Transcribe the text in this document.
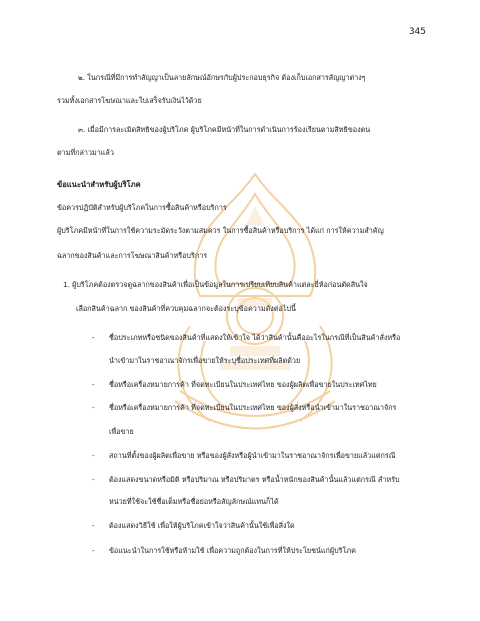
345
๒. ในกรณีที่มีการทำสัญญาเป็นลายลักษณ์อักษรกับผู้ประกอบธุรกิจ ต้องเก็บเอกสารสัญญาต่างๆ
รวมทั้งเอกสารโฆษณาและใบเสร็จรับเงินไว้ด้วย
๓. เมื่อมีการละเมิดสิทธิของผู้บริโภค ผู้บริโภคมีหน้าที่ในการดำเนินการร้องเรียนตามสิทธิของตน
ตามที่กล่าวมาแล้ว
ข้อแนะนำสำหรับผู้บริโภค
ข้อควรปฏิบัติสำหรับผู้บริโภคในการซื้อสินค้าหรือบริการ
ผู้บริโภคมีหน้าที่ในการใช้ความระมัดระวังตามสมควร ในการซื้อสินค้าหรือบริการ ได้แก่ การให้ความสำคัญ
ฉลากของสินค้าและการโฆษณาสินค้าหรือบริการ
1. ผู้บริโภคต้องตรวจดูฉลากของสินค้าเพื่อเป็นข้อมูลในการเปรียบเทียบสินค้าแต่ละยี่ห้อก่อนตัดสินใจ
เลือกสินค้าฉลาก ของสินค้าที่ควบคุมฉลากจะต้องระบุข้อความดังต่อไปนี้
- ชื่อประเภทหรือชนิดของสินค้าที่แสดงให้เข้าใจ ได้ว่าสินค้านั้นคืออะไรในกรณีที่เป็นสินค้าสั่งหรือ
นำเข้ามาในราชอาณาจักรเพื่อขายให้ระบุชื่อประเทศที่ผลิตด้วย
- ชื่อหรือเครื่องหมายการค้า ที่จดทะเบียนในประเทศไทย ของผู้ผลิตเพื่อขายในประเทศไทย
- ชื่อหรือเครื่องหมายการค้า ที่จดทะเบียนในประเทศไทย ของผู้สั่งหรือนำเข้ามาในราชอาณาจักร
เพื่อขาย
- สถานที่ตั้งของผู้ผลิตเพื่อขาย หรือของผู้สั่งหรือผู้นำเข้ามาในราชอาณาจักรเพื่อขายแล้วแต่กรณี
- ต้องแสดงขนาดหรือมิติ หรือปริมาณ หรือปริมาตร หรือน้ำหนักของสินค้านั้นแล้วแต่กรณี สำหรับ
หน่วยที่ใช้จะใช้ชื่อเต็มหรือชื่อย่อหรือสัญลักษณ์แทนก็ได้
- ต้องแสดงวิธีใช้ เพื่อให้ผู้บริโภคเข้าใจว่าสินค้านั้นใช้เพื่อสิ่งใด
- ข้อแนะนำในการใช้หรือห้ามใช้ เพื่อความถูกต้องในการที่ให้ประโยชน์แก่ผู้บริโภค
